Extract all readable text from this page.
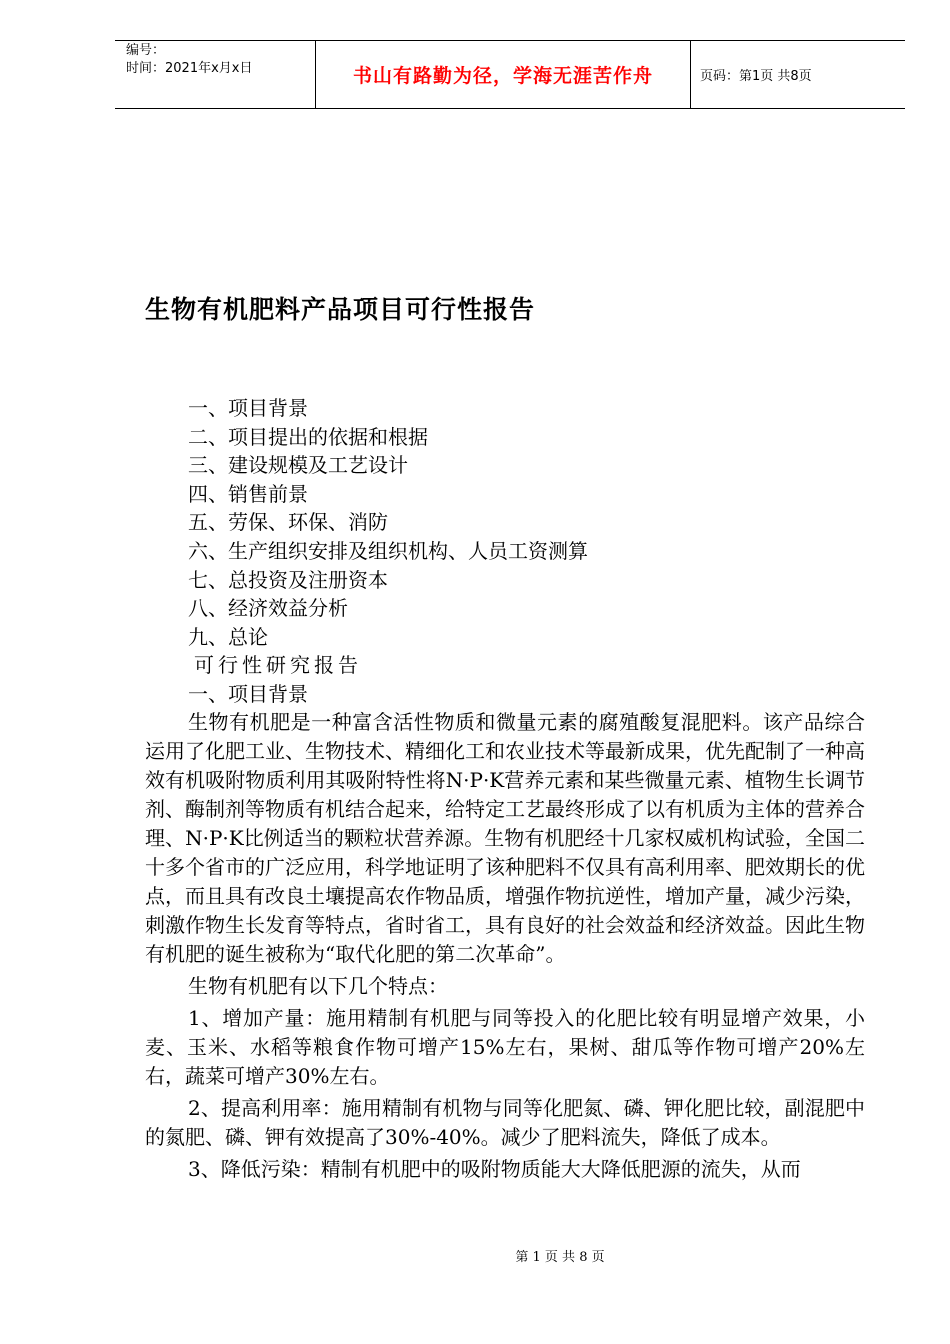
编号：
时间：2021年x月x日	书山有路勤为径，学海无涯苦作舟	页码：第1页 共8页
生物有机肥料产品项目可行性报告
一、项目背景
二、项目提出的依据和根据
三、建设规模及工艺设计
四、销售前景
五、劳保、环保、消防
六、生产组织安排及组织机构、人员工资测算
七、总投资及注册资本
八、经济效益分析
九、总论
可行性研究报告
一、项目背景

生物有机肥是一种富含活性物质和微量元素的腐殖酸复混肥料。该产品综合运用了化肥工业、生物技术、精细化工和农业技术等最新成果，优先配制了一种高效有机吸附物质利用其吸附特性将N·P·K营养元素和某些微量元素、植物生长调节剂、酶制剂等物质有机结合起来，给特定工艺最终形成了以有机质为主体的营养合理、N·P·K比例适当的颗粒状营养源。生物有机肥经十几家权威机构试验，全国二十多个省市的广泛应用，科学地证明了该种肥料不仅具有高利用率、肥效期长的优点，而且具有改良土壤提高农作物品质，增强作物抗逆性，增加产量，减少污染，刺激作物生长发育等特点，省时省工，具有良好的社会效益和经济效益。因此生物有机肥的诞生被称为“取代化肥的第二次革命”。

生物有机肥有以下几个特点：

1、增加产量：施用精制有机肥与同等投入的化肥比较有明显增产效果，小麦、玉米、水稻等粮食作物可增产15%左右，果树、甜瓜等作物可增产20%左右，蔬菜可增产30%左右。

2、提高利用率：施用精制有机物与同等化肥氮、磷、钾化肥比较，副混肥中的氮肥、磷、钾有效提高了30%-40%。减少了肥料流失，降低了成本。

3、降低污染：精制有机肥中的吸附物质能大大降低肥源的流失，从而

第 1 页 共 8 页
